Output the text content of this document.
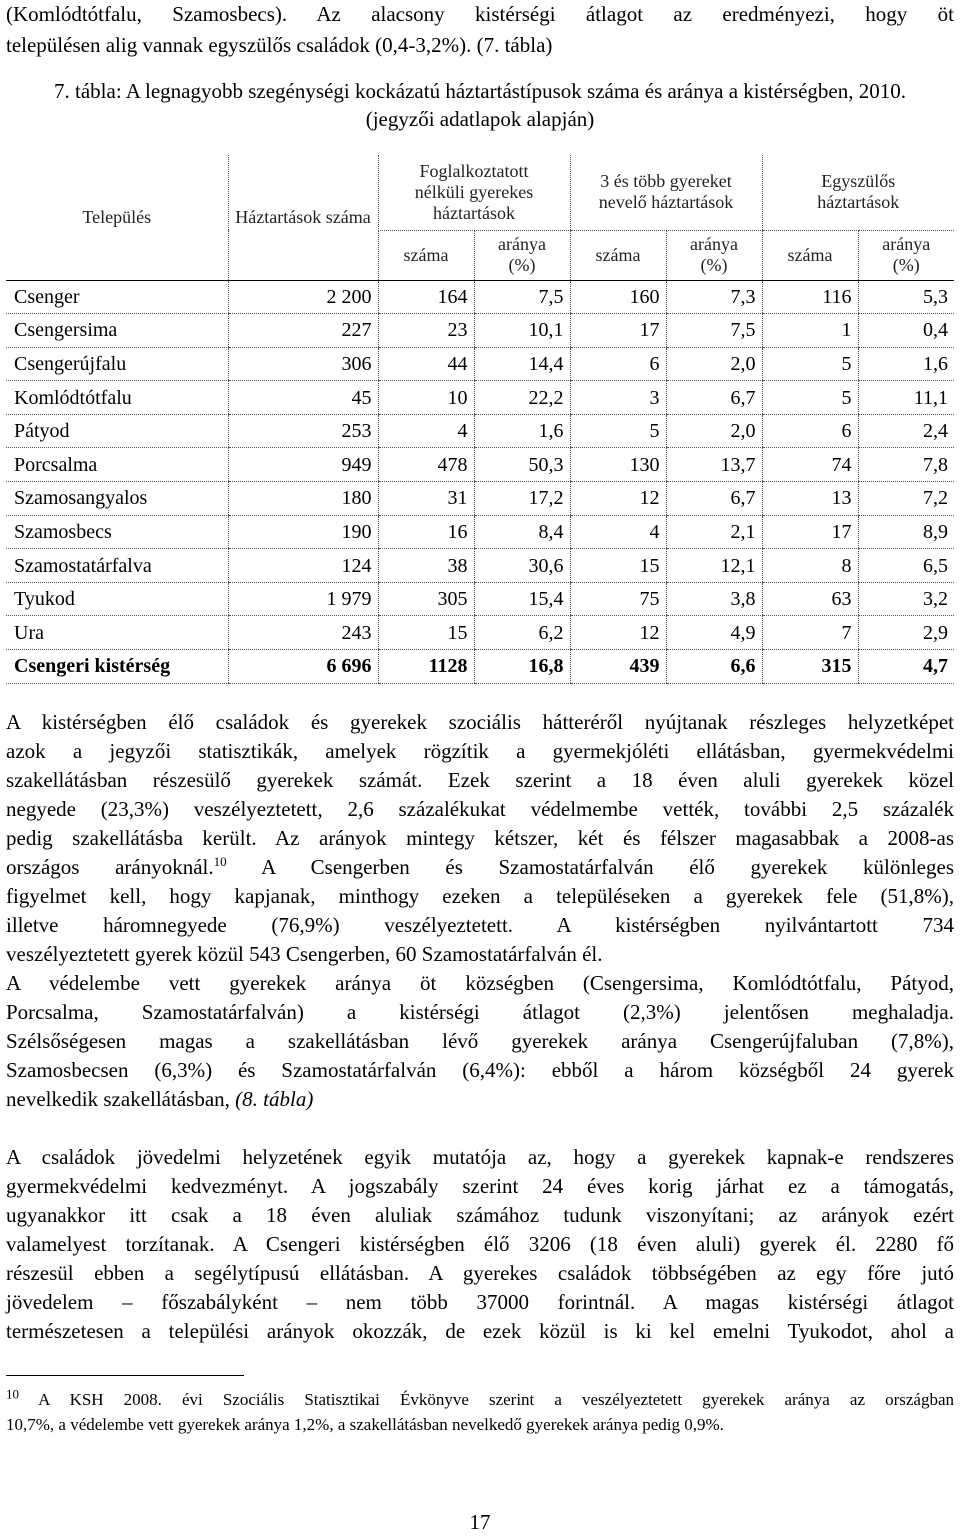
(Komlódtótfalu, Szamosbecs). Az alacsony kistérségi átlagot az eredményezi, hogy öt
településen alig vannak egyszülős családok (0,4-3,2%). (7. tábla)
7. tábla: A legnagyobb szegénységi kockázatú háztartástípusok száma és aránya a kistérségben, 2010.
(jegyzői adatlapok alapján)
Település	Háztartások száma	Foglalkoztatott nélküli gyerekes háztartások		3 és több gyereket nevelő háztartások		Egyszülős háztartások	
		száma	aránya (%)	száma	aránya (%)	száma	aránya (%)
Csenger	2 200	164	7,5	160	7,3	116	5,3
Csengersima	227	23	10,1	17	7,5	1	0,4
Csengerújfalu	306	44	14,4	6	2,0	5	1,6
Komlódtótfalu	45	10	22,2	3	6,7	5	11,1
Pátyod	253	4	1,6	5	2,0	6	2,4
Porcsalma	949	478	50,3	130	13,7	74	7,8
Szamosangyalos	180	31	17,2	12	6,7	13	7,2
Szamosbecs	190	16	8,4	4	2,1	17	8,9
Szamostatárfalva	124	38	30,6	15	12,1	8	6,5
Tyukod	1 979	305	15,4	75	3,8	63	3,2
Ura	243	15	6,2	12	4,9	7	2,9
Csengeri kistérség	6 696	1128	16,8	439	6,6	315	4,7
A kistérségben élő családok és gyerekek szociális hátteréről nyújtanak részleges helyzetképet
azok a jegyzői statisztikák, amelyek rögzítik a gyermekjóléti ellátásban, gyermekvédelmi
szakellátásban részesülő gyerekek számát. Ezek szerint a 18 éven aluli gyerekek közel
negyede (23,3%) veszélyeztetett, 2,6 százalékukat védelmembe vették, további 2,5 százalék
pedig szakellátásba került. Az arányok mintegy kétszer, két és félszer magasabbak a 2008-as
országos arányoknál.$^{10}$ A Csengerben és Szamostatárfalván élő gyerekek különleges
figyelmet kell, hogy kapjanak, minthogy ezeken a településeken a gyerekek fele (51,8%),
illetve háromnegyede (76,9%) veszélyeztetett. A kistérségben nyilvántartott 734
veszélyeztetett gyerek közül 543 Csengerben, 60 Szamostatárfalván él.
A védelembe vett gyerekek aránya öt községben (Csengersima, Komlódtótfalu, Pátyod,
Porcsalma, Szamostatárfalván) a kistérségi átlagot (2,3%) jelentősen meghaladja.
Szélsőségesen magas a szakellátásban lévő gyerekek aránya Csengerújfaluban (7,8%),
Szamosbecsen (6,3%) és Szamostatárfalván (6,4%): ebből a három községből 24 gyerek
nevelkedik szakellátásban, (8. tábla)
A családok jövedelmi helyzetének egyik mutatója az, hogy a gyerekek kapnak-e rendszeres
gyermekvédelmi kedvezményt. A jogszabály szerint 24 éves korig járhat ez a támogatás,
ugyanakkor itt csak a 18 éven aluliak számához tudunk viszonyítani; az arányok ezért
valamelyest torzítanak. A Csengeri kistérségben élő 3206 (18 éven aluli) gyerek él. 2280 fő
részesül ebben a segélytípusú ellátásban. A gyerekes családok többségében az egy főre jutó
jövedelem – főszabályként – nem több 37000 forintnál. A magas kistérségi átlagot
természetesen a települési arányok okozzák, de ezek közül is ki kel emelni Tyukodot, ahol a
$^{10}$ A KSH 2008. évi Szociális Statisztikai Évkönyve szerint a veszélyeztetett gyerekek aránya az országban
10,7%, a védelembe vett gyerekek aránya 1,2%, a szakellátásban nevelkedő gyerekek aránya pedig 0,9%.
17
